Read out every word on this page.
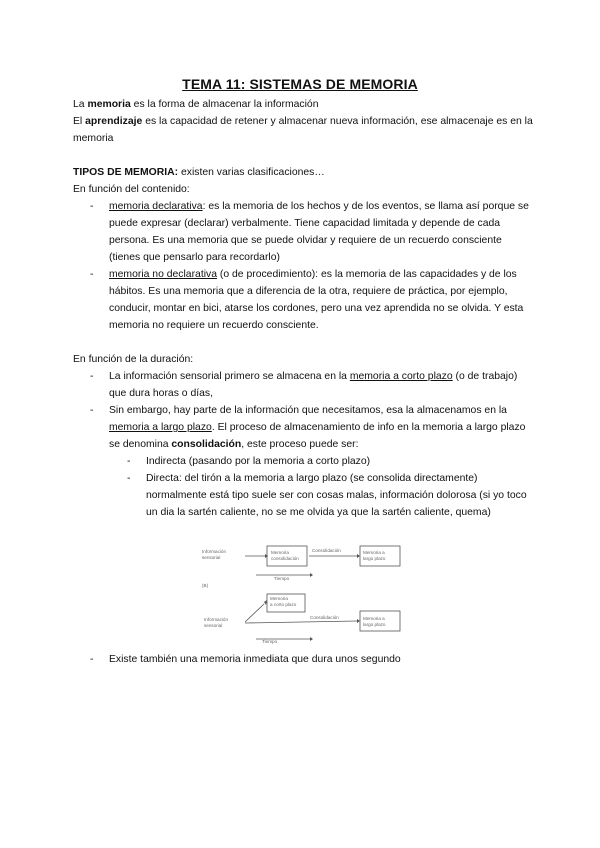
TEMA 11: SISTEMAS DE MEMORIA
La memoria es la forma de almacenar la información
El aprendizaje es la capacidad de retener y almacenar nueva información, ese almacenaje es en la memoria
TIPOS DE MEMORIA: existen varias clasificaciones…
En función del contenido:
- memoria declarativa: es la memoria de los hechos y de los eventos, se llama así porque se puede expresar (declarar) verbalmente. Tiene capacidad limitada y depende de cada persona. Es una memoria que se puede olvidar y requiere de un recuerdo consciente (tienes que pensarlo para recordarlo)
- memoria no declarativa (o de procedimiento): es la memoria de las capacidades y de los hábitos. Es una memoria que a diferencia de la otra, requiere de práctica, por ejemplo, conducir, montar en bici, atarse los cordones, pero una vez aprendida no se olvida. Y esta memoria no requiere un recuerdo consciente.
En función de la duración:
- La información sensorial primero se almacena en la memoria a corto plazo (o de trabajo) que dura horas o días,
- Sin embargo, hay parte de la información que necesitamos, esa la almacenamos en la memoria a largo plazo. El proceso de almacenamiento de info en la memoria a largo plazo se denomina consolidación, este proceso puede ser:
- Indirecta (pasando por la memoria a corto plazo)
- Directa: del tirón a la memoria a largo plazo (se consolida directamente) normalmente está tipo suele ser con cosas malas, información dolorosa (si yo toco un dia la sartén caliente, no se me olvida ya que la sartén caliente, quema)
Información
sensorial
Memoria
consolidación
Consolidación	Memoria a
largo plazo
Tiempo
(B)
Memoria
a corto plazo
Información
sensorial
Consolidación	Memoria a
largo plazo
Tiempo
- Existe también una memoria inmediata que dura unos segundo
